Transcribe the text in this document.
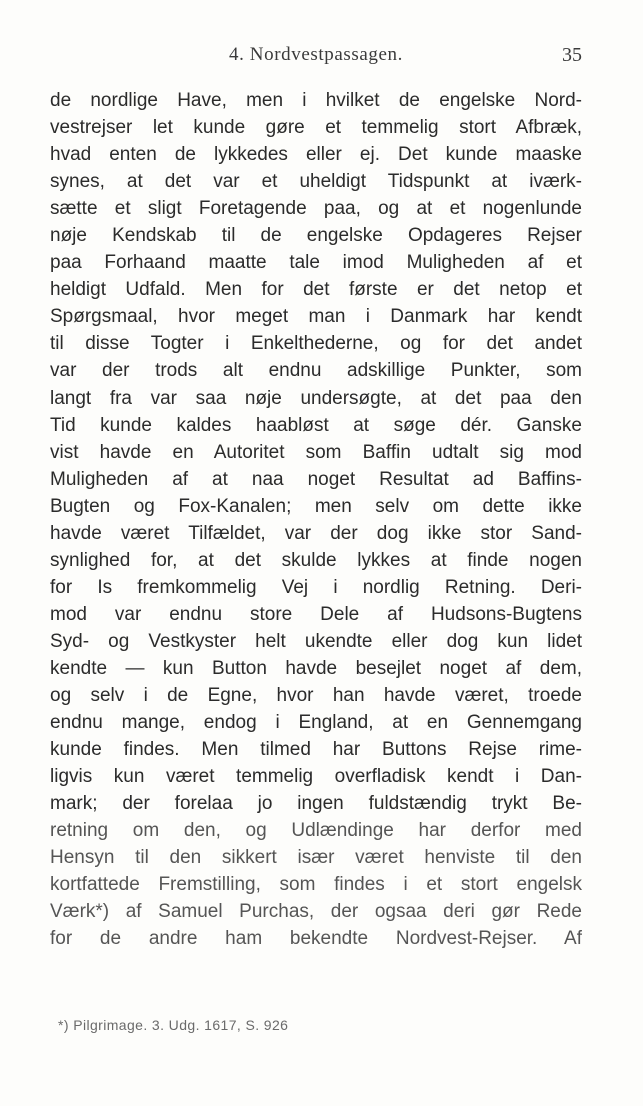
4. Nordvestpassagen.	35
de nordlige Have, men i hvilket de engelske Nord-
vestrejser let kunde gøre et temmelig stort Afbræk,
hvad enten de lykkedes eller ej. Det kunde maaske
synes, at det var et uheldigt Tidspunkt at iværk-
sætte et sligt Foretagende paa, og at et nogenlunde
nøje Kendskab til de engelske Opdageres Rejser
paa Forhaand maatte tale imod Muligheden af et
heldigt Udfald. Men for det første er det netop et
Spørgsmaal, hvor meget man i Danmark har kendt
til disse Togter i Enkelthederne, og for det andet
var der trods alt endnu adskillige Punkter, som
langt fra var saa nøje undersøgte, at det paa den
Tid kunde kaldes haabløst at søge dér. Ganske
vist havde en Autoritet som Baffin udtalt sig mod
Muligheden af at naa noget Resultat ad Baffins-
Bugten og Fox-Kanalen; men selv om dette ikke
havde været Tilfældet, var der dog ikke stor Sand-
synlighed for, at det skulde lykkes at finde nogen
for Is fremkommelig Vej i nordlig Retning. Deri-
mod var endnu store Dele af Hudsons-Bugtens
Syd- og Vestkyster helt ukendte eller dog kun lidet
kendte — kun Button havde besejlet noget af dem,
og selv i de Egne, hvor han havde været, troede
endnu mange, endog i England, at en Gennemgang
kunde findes. Men tilmed har Buttons Rejse rime-
ligvis kun været temmelig overfladisk kendt i Dan-
mark; der forelaa jo ingen fuldstændig trykt Be-
retning om den, og Udlændinge har derfor med
Hensyn til den sikkert især været henviste til den
kortfattede Fremstilling, som findes i et stort engelsk
Værk*) af Samuel Purchas, der ogsaa deri gør Rede
for de andre ham bekendte Nordvest-Rejser. Af
*) Pilgrimage. 3. Udg. 1617, S. 926
